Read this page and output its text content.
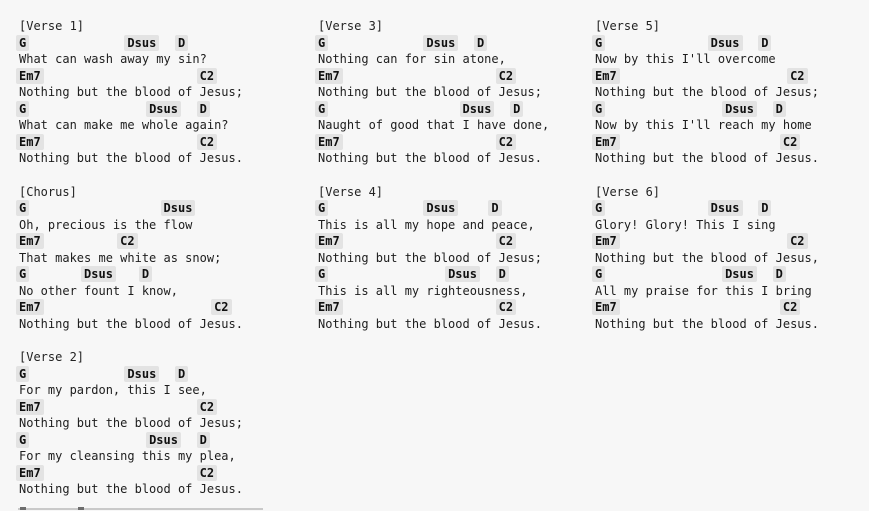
[Verse 1]
G	Dsus D
What can wash away my sin?
Em7	C2
Nothing but the blood of Jesus;
G	Dsus D
What can make me whole again?
Em7	C2
Nothing but the blood of Jesus.
[Chorus]
G	Dsus
Oh, precious is the flow
Em7	C2
That makes me white as snow;
G	Dsus D
No other fount I know,
Em7	C2
Nothing but the blood of Jesus.
[Verse 2]
G	Dsus D
For my pardon, this I see,
Em7	C2
Nothing but the blood of Jesus;
G	Dsus D
For my cleansing this my plea,
Em7	C2
Nothing but the blood of Jesus.
[Verse 3]
G	Dsus D
Nothing can for sin atone,
Em7	C2
Nothing but the blood of Jesus;
G	Dsus D
Naught of good that I have done,
Em7	C2
Nothing but the blood of Jesus.
[Verse 4]
G	Dsus	D
This is all my hope and peace,
Em7	C2
Nothing but the blood of Jesus;
G	Dsus D
This is all my righteousness,
Em7	C2
Nothing but the blood of Jesus.
[Verse 5]
G	Dsus D
Now by this I'll overcome
Em7	C2
Nothing but the blood of Jesus;
G	Dsus D
Now by this I'll reach my home
Em7	C2
Nothing but the blood of Jesus.
[Verse 6]
G	Dsus D
Glory! Glory! This I sing
Em7	C2
Nothing but the blood of Jesus,
G	Dsus D
All my praise for this I bring
Em7	C2
Nothing but the blood of Jesus.
